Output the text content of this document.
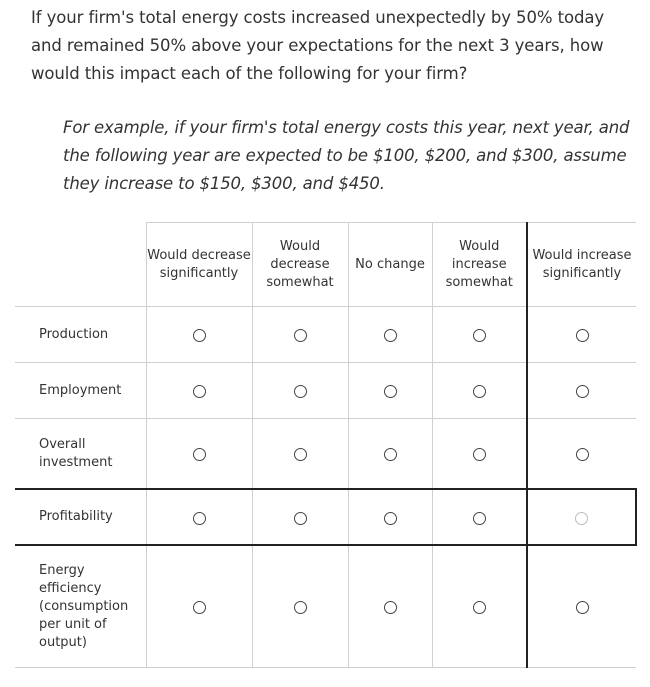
If your firm's total energy costs increased unexpectedly by 50% today and remained 50% above your expectations for the next 3 years, how would this impact each of the following for your firm?

For example, if your firm's total energy costs this year, next year, and the following year are expected to be $100, $200, and $300, assume they increase to $150, $300, and $450.

	Would decrease significantly	Would decrease somewhat	No change	Would increase somewhat	Would increase significantly
Production					
Employment					
Overall investment					
Profitability					
Energy efficiency (consumption per unit of output)					
